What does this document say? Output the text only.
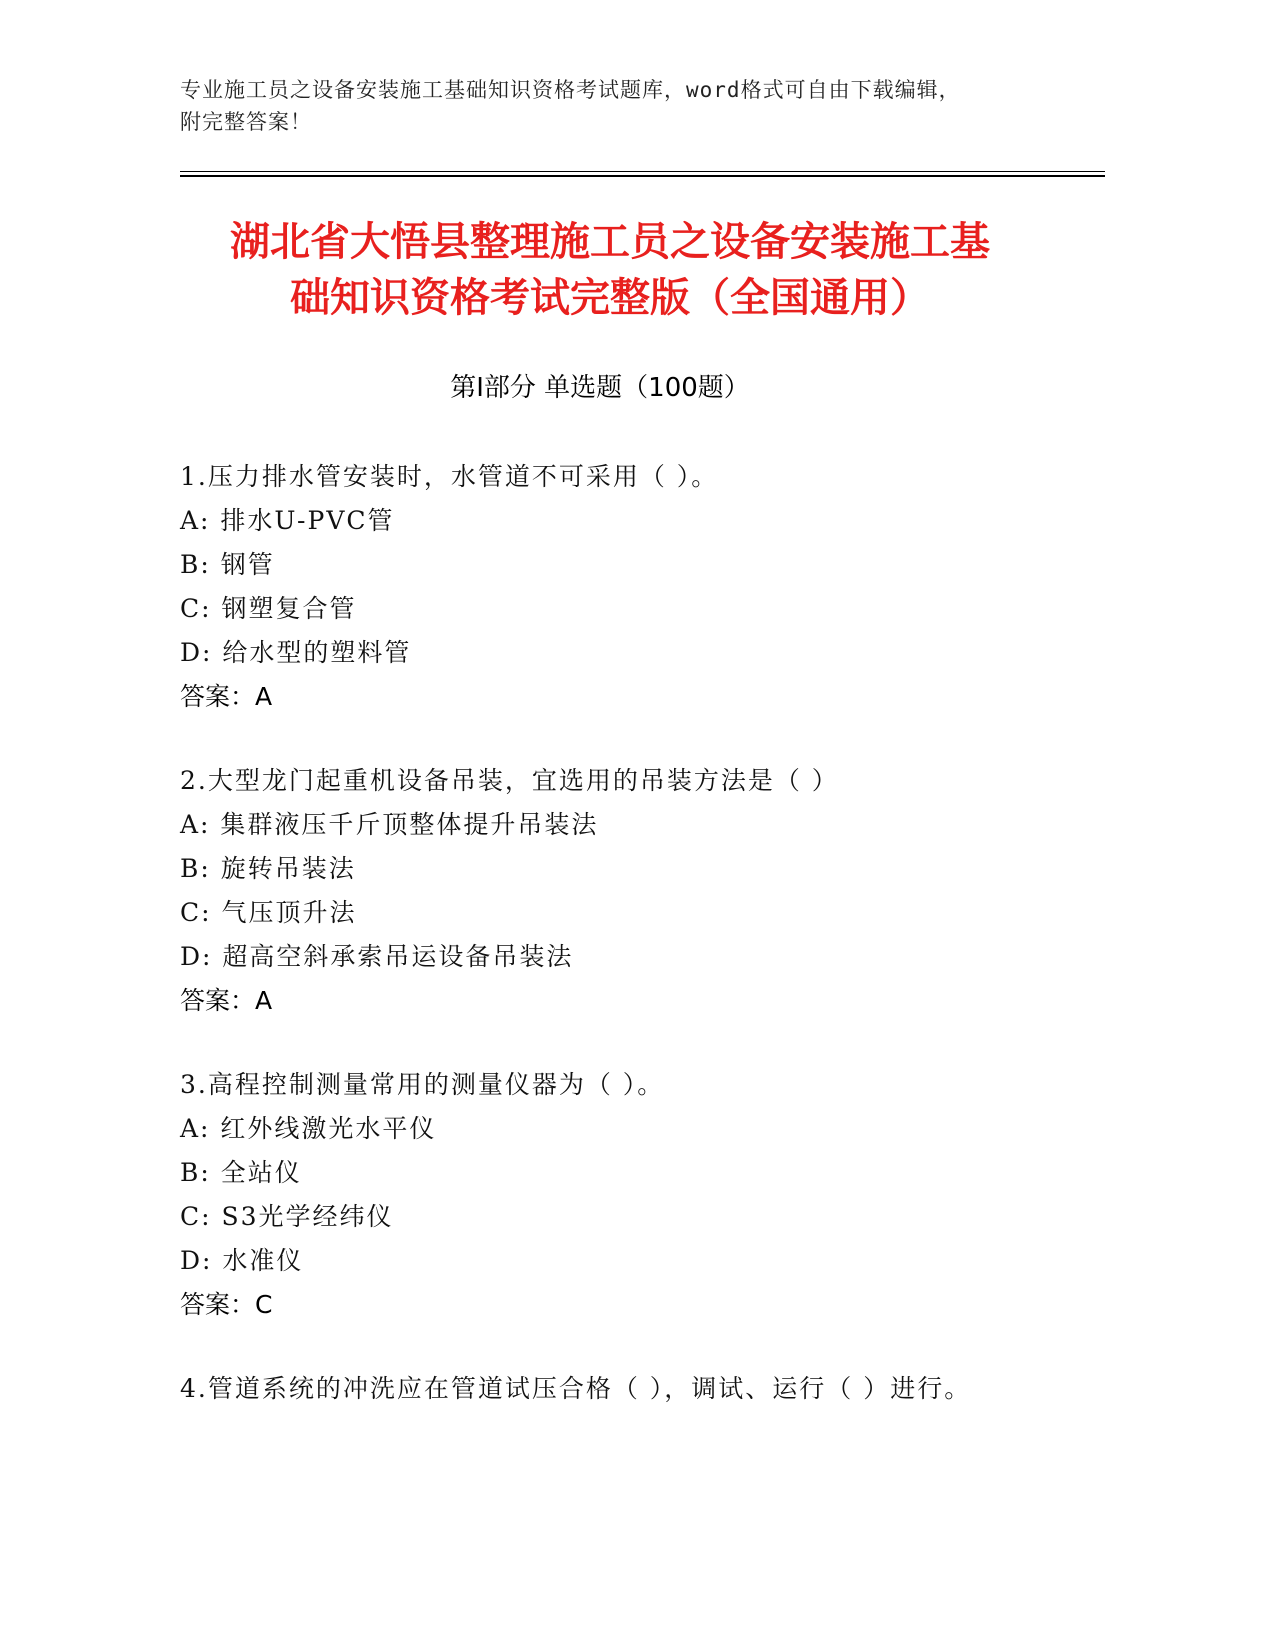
专业施工员之设备安装施工基础知识资格考试题库，word格式可自由下载编辑，
附完整答案！
湖北省大悟县整理施工员之设备安装施工基
础知识资格考试完整版（全国通用）
第Ⅰ部分 单选题（100题）
1.压力排水管安装时，水管道不可采用（ ）。
A: 排水U-PVC管
B: 钢管
C: 钢塑复合管
D: 给水型的塑料管
答案：A
2.大型龙门起重机设备吊装，宜选用的吊装方法是（ ）
A: 集群液压千斤顶整体提升吊装法
B: 旋转吊装法
C: 气压顶升法
D: 超高空斜承索吊运设备吊装法
答案：A
3.高程控制测量常用的测量仪器为（ ）。
A: 红外线激光水平仪
B: 全站仪
C: S3光学经纬仪
D: 水准仪
答案：C
4.管道系统的冲洗应在管道试压合格（ ），调试、运行（ ）进行。
